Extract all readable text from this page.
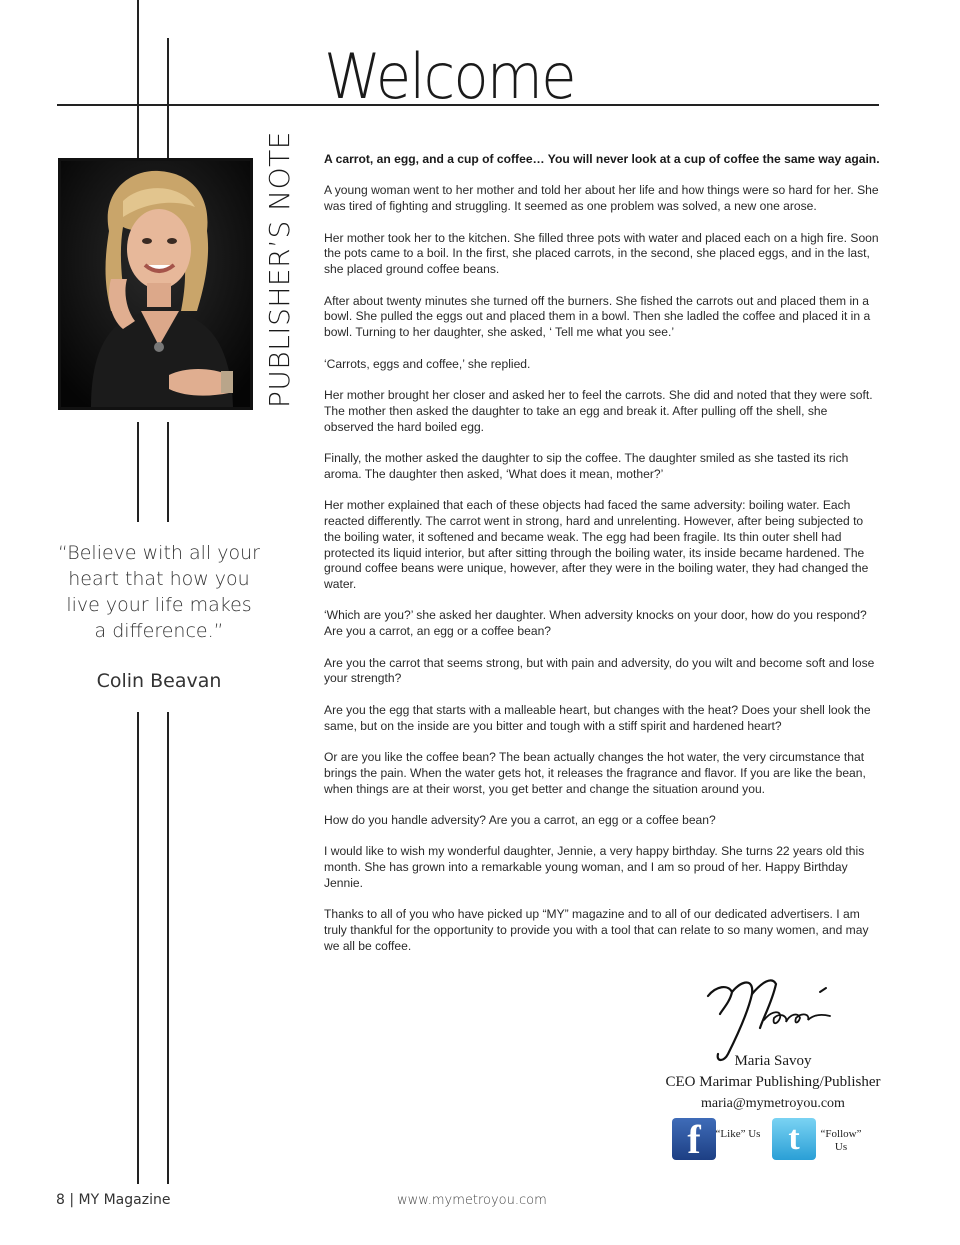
Welcome
PUBLISHER’S NOTE

“Believe with all your heart that how you live your life makes a difference.”

Colin Beavan

A carrot, an egg, and a cup of coffee… You will never look at a cup of coffee the same way again.

A young woman went to her mother and told her about her life and how things were so hard for her. She was tired of fighting and struggling. It seemed as one problem was solved, a new one arose.

Her mother took her to the kitchen. She filled three pots with water and placed each on a high fire. Soon the pots came to a boil. In the first, she placed carrots, in the second, she placed eggs, and in the last, she placed ground coffee beans.

After about twenty minutes she turned off the burners. She fished the carrots out and placed them in a bowl. She pulled the eggs out and placed them in a bowl. Then she ladled the coffee and placed it in a bowl. Turning to her daughter, she asked, ‘ Tell me what you see.’

‘Carrots, eggs and coffee,’ she replied.

Her mother brought her closer and asked her to feel the carrots. She did and noted that they were soft. The mother then asked the daughter to take an egg and break it. After pulling off the shell, she observed the hard boiled egg.

Finally, the mother asked the daughter to sip the coffee. The daughter smiled as she tasted its rich aroma. The daughter then asked, ‘What does it mean, mother?’

Her mother explained that each of these objects had faced the same adversity: boiling water. Each reacted differently. The carrot went in strong, hard and unrelenting. However, after being subjected to the boiling water, it softened and became weak. The egg had been fragile. Its thin outer shell had protected its liquid interior, but after sitting through the boiling water, its inside became hardened. The ground coffee beans were unique, however, after they were in the boiling water, they had changed the water.

‘Which are you?’ she asked her daughter. When adversity knocks on your door, how do you respond? Are you a carrot, an egg or a coffee bean?

Are you the carrot that seems strong, but with pain and adversity, do you wilt and become soft and lose your strength?

Are you the egg that starts with a malleable heart, but changes with the heat? Does your shell look the same, but on the inside are you bitter and tough with a stiff spirit and hardened heart?

Or are you like the coffee bean? The bean actually changes the hot water, the very circumstance that brings the pain. When the water gets hot, it releases the fragrance and flavor. If you are like the bean, when things are at their worst, you get better and change the situation around you.

How do you handle adversity? Are you a carrot, an egg or a coffee bean?

I would like to wish my wonderful daughter, Jennie, a very happy birthday. She turns 22 years old this month. She has grown into a remarkable young woman, and I am so proud of her. Happy Birthday Jennie.

Thanks to all of you who have picked up “MY” magazine and to all of our dedicated advertisers. I am truly thankful for the opportunity to provide you with a tool that can relate to so many women, and may we all be coffee.

Maria Savoy

CEO Marimar Publishing/Publisher

maria@mymetroyou.com

f	“Like” Us t	“Follow” Us

8 | MY Magazine	www.mymetroyou.com
